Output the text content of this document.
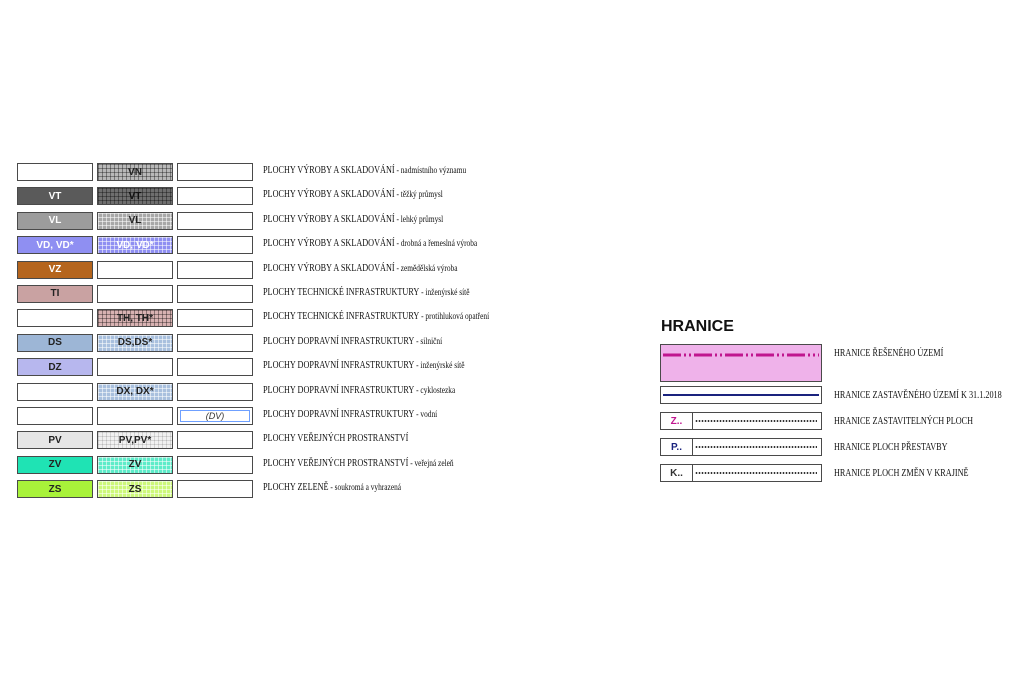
VN	PLOCHY VÝROBY A SKLADOVÁNÍ - nadmístního významu
VT	VT	PLOCHY VÝROBY A SKLADOVÁNÍ - těžký průmysl
VL	VL	PLOCHY VÝROBY A SKLADOVÁNÍ - lehký průmysl
VD, VD*	VD, VD*	PLOCHY VÝROBY A SKLADOVÁNÍ - drobná a řemeslná výroba
VZ	PLOCHY VÝROBY A SKLADOVÁNÍ - zemědělská výroba
TI	PLOCHY TECHNICKÉ INFRASTRUKTURY - inženýrské sítě
TH, TH*	PLOCHY TECHNICKÉ INFRASTRUKTURY - protihluková opatření
DS	DS,DS*	PLOCHY DOPRAVNÍ INFRASTRUKTURY - silniční
DZ	PLOCHY DOPRAVNÍ INFRASTRUKTURY - inženýrské sítě
DX, DX*	PLOCHY DOPRAVNÍ INFRASTRUKTURY - cyklostezka
(DV)	PLOCHY DOPRAVNÍ INFRASTRUKTURY - vodní
PV	PV,PV*	PLOCHY VEŘEJNÝCH PROSTRANSTVÍ
ZV	ZV	PLOCHY VEŘEJNÝCH PROSTRANSTVÍ - veřejná zeleň
ZS	ZS	PLOCHY ZELENĚ - soukromá a vyhrazená
HRANICE
HRANICE ŘEŠENÉHO ÚZEMÍ
HRANICE ZASTAVĚNÉHO ÚZEMÍ K 31.1.2018
Z..	HRANICE ZASTAVITELNÝCH PLOCH
P..	HRANICE PLOCH PŘESTAVBY
K..	HRANICE PLOCH ZMĚN V KRAJINĚ
